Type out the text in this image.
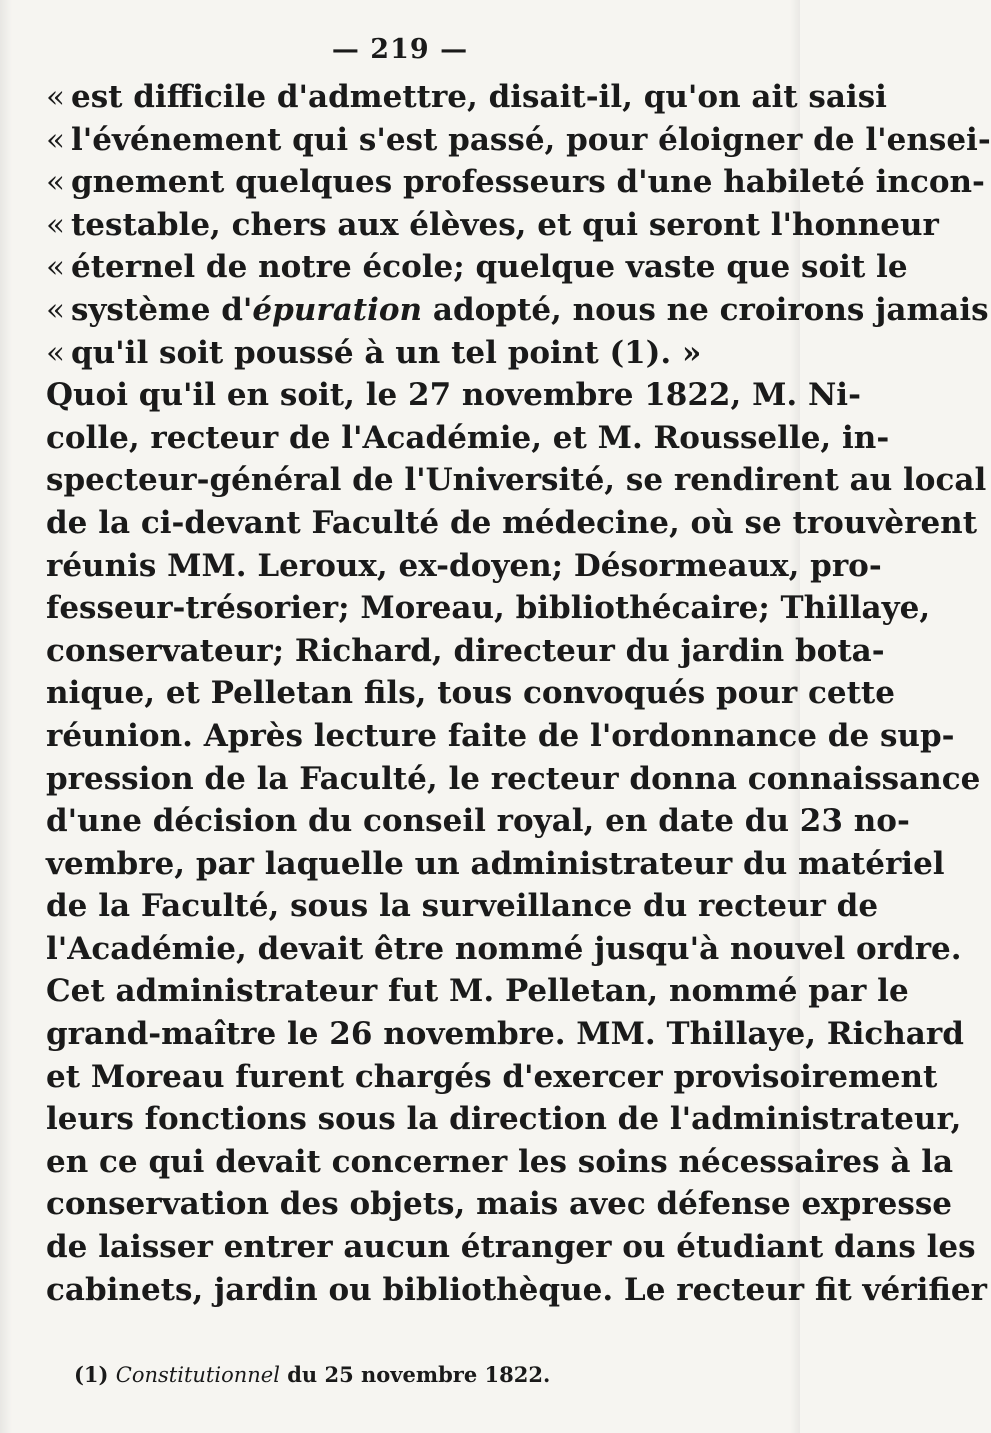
— 219 —
« est difficile d'admettre, disait-il, qu'on ait saisi
« l'événement qui s'est passé, pour éloigner de l'ensei-
« gnement quelques professeurs d'une habileté incon-
« testable, chers aux élèves, et qui seront l'honneur
« éternel de notre école; quelque vaste que soit le
« système d'épuration adopté, nous ne croirons jamais
« qu'il soit poussé à un tel point (1). »
Quoi qu'il en soit, le 27 novembre 1822, M. Ni-
colle, recteur de l'Académie, et M. Rousselle, in-
specteur-général de l'Université, se rendirent au local
de la ci-devant Faculté de médecine, où se trouvèrent
réunis MM. Leroux, ex-doyen; Désormeaux, pro-
fesseur-trésorier; Moreau, bibliothécaire; Thillaye,
conservateur; Richard, directeur du jardin bota-
nique, et Pelletan fils, tous convoqués pour cette
réunion. Après lecture faite de l'ordonnance de sup-
pression de la Faculté, le recteur donna connaissance
d'une décision du conseil royal, en date du 23 no-
vembre, par laquelle un administrateur du matériel
de la Faculté, sous la surveillance du recteur de
l'Académie, devait être nommé jusqu'à nouvel ordre.
Cet administrateur fut M. Pelletan, nommé par le
grand-maître le 26 novembre. MM. Thillaye, Richard
et Moreau furent chargés d'exercer provisoirement
leurs fonctions sous la direction de l'administrateur,
en ce qui devait concerner les soins nécessaires à la
conservation des objets, mais avec défense expresse
de laisser entrer aucun étranger ou étudiant dans les
cabinets, jardin ou bibliothèque. Le recteur fit vérifier
(1) Constitutionnel du 25 novembre 1822.
